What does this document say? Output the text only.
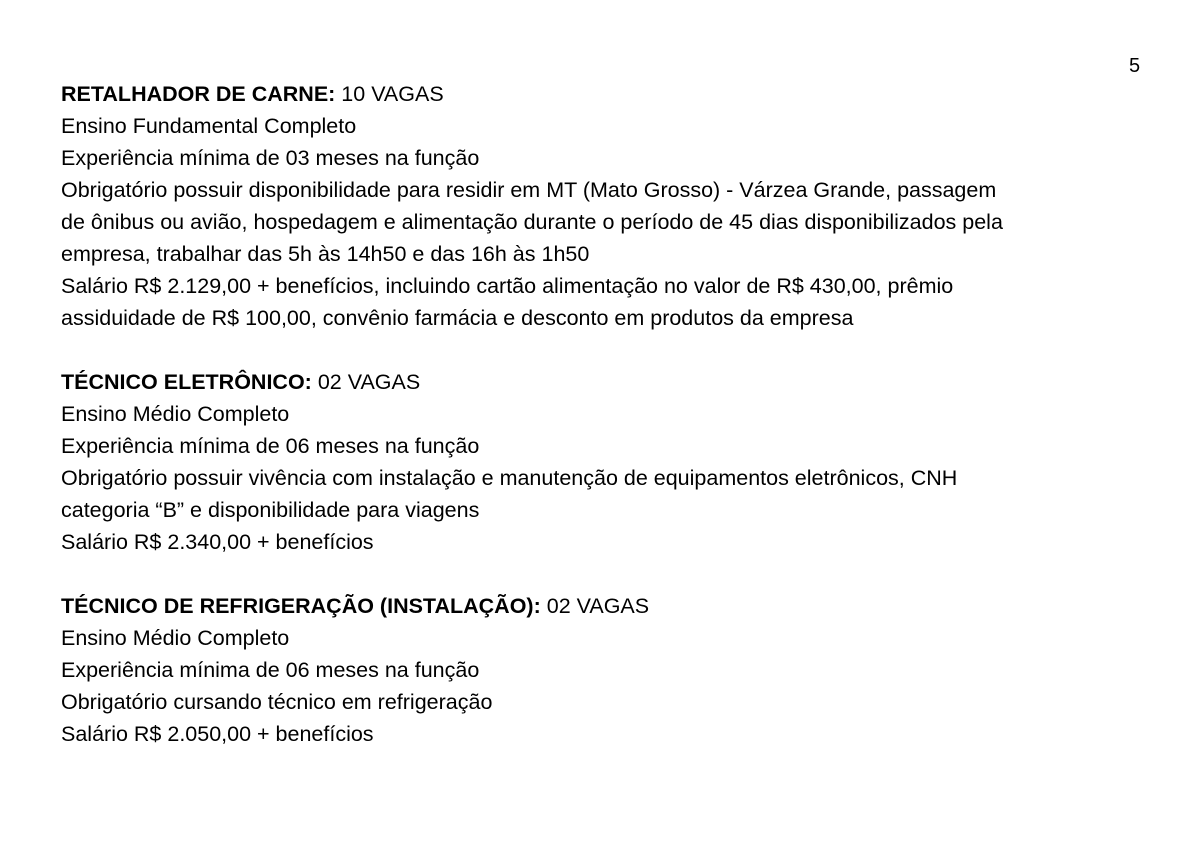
5
RETALHADOR DE CARNE: 10 VAGAS
Ensino Fundamental Completo
Experiência mínima de 03 meses na função
Obrigatório possuir disponibilidade para residir em MT (Mato Grosso) - Várzea Grande, passagem
de ônibus ou avião, hospedagem e alimentação durante o período de 45 dias disponibilizados pela
empresa, trabalhar das 5h às 14h50 e das 16h às 1h50
Salário R$ 2.129,00 + benefícios, incluindo cartão alimentação no valor de R$ 430,00, prêmio
assiduidade de R$ 100,00, convênio farmácia e desconto em produtos da empresa
TÉCNICO ELETRÔNICO: 02 VAGAS
Ensino Médio Completo
Experiência mínima de 06 meses na função
Obrigatório possuir vivência com instalação e manutenção de equipamentos eletrônicos, CNH
categoria “B” e disponibilidade para viagens
Salário R$ 2.340,00 + benefícios
TÉCNICO DE REFRIGERAÇÃO (INSTALAÇÃO): 02 VAGAS
Ensino Médio Completo
Experiência mínima de 06 meses na função
Obrigatório cursando técnico em refrigeração
Salário R$ 2.050,00 + benefícios
